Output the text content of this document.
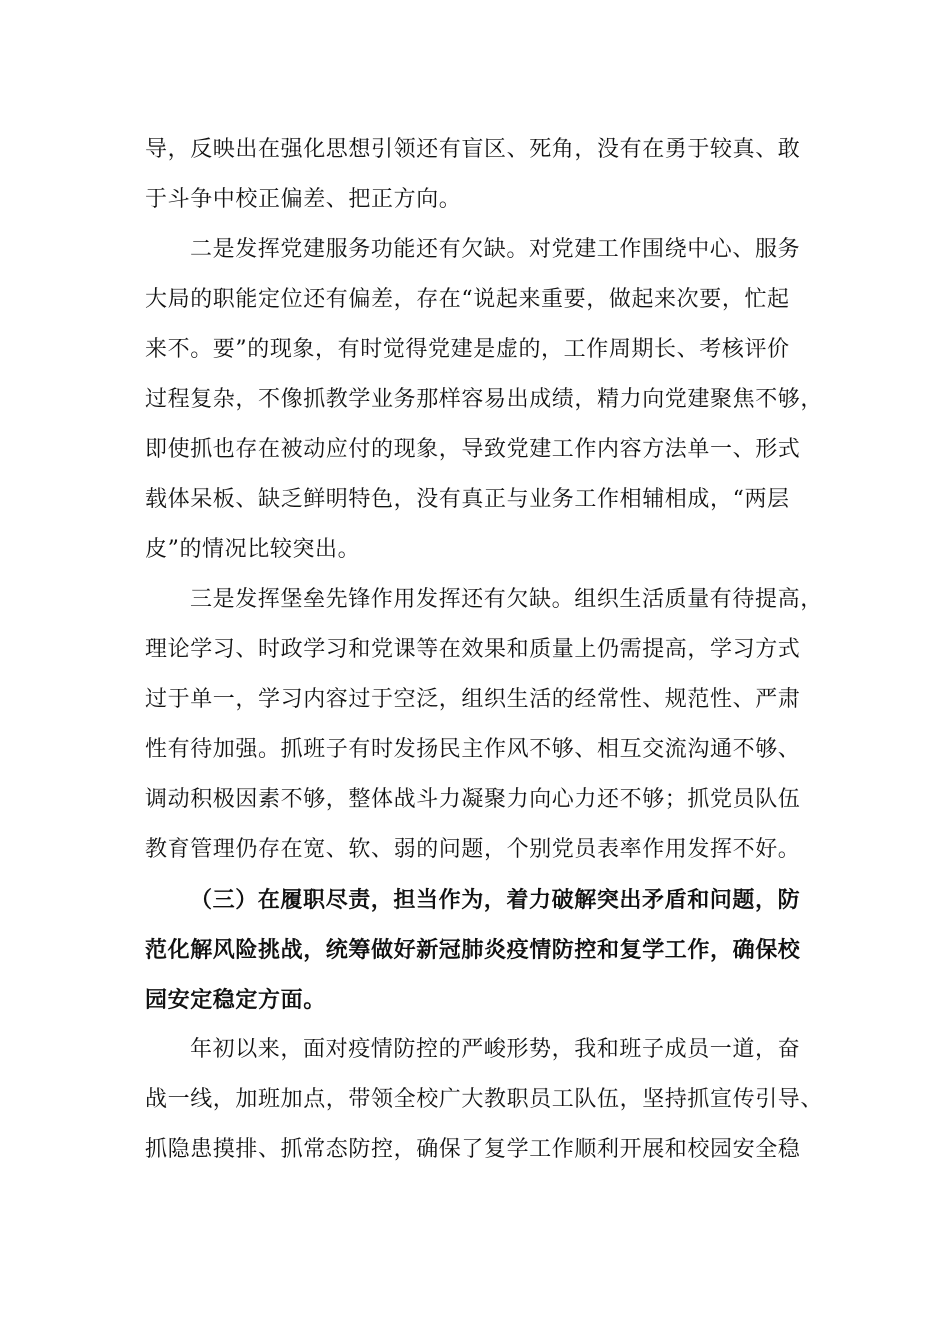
导，反映出在强化思想引领还有盲区、死角，没有在勇于较真、敢
于斗争中校正偏差、把正方向。
二是发挥党建服务功能还有欠缺。对党建工作围绕中心、服务
大局的职能定位还有偏差，存在“说起来重要，做起来次要，忙起
来不。要”的现象，有时觉得党建是虚的，工作周期长、考核评价
过程复杂，不像抓教学业务那样容易出成绩，精力向党建聚焦不够，
即使抓也存在被动应付的现象，导致党建工作内容方法单一、形式
载体呆板、缺乏鲜明特色，没有真正与业务工作相辅相成，“两层
皮”的情况比较突出。
三是发挥堡垒先锋作用发挥还有欠缺。组织生活质量有待提高，
理论学习、时政学习和党课等在效果和质量上仍需提高，学习方式
过于单一，学习内容过于空泛，组织生活的经常性、规范性、严肃
性有待加强。抓班子有时发扬民主作风不够、相互交流沟通不够、
调动积极因素不够，整体战斗力凝聚力向心力还不够；抓党员队伍
教育管理仍存在宽、软、弱的问题，个别党员表率作用发挥不好。
（三）在履职尽责，担当作为，着力破解突出矛盾和问题，防
范化解风险挑战，统筹做好新冠肺炎疫情防控和复学工作，确保校
园安定稳定方面。
年初以来，面对疫情防控的严峻形势，我和班子成员一道，奋
战一线，加班加点，带领全校广大教职员工队伍，坚持抓宣传引导、
抓隐患摸排、抓常态防控，确保了复学工作顺利开展和校园安全稳
